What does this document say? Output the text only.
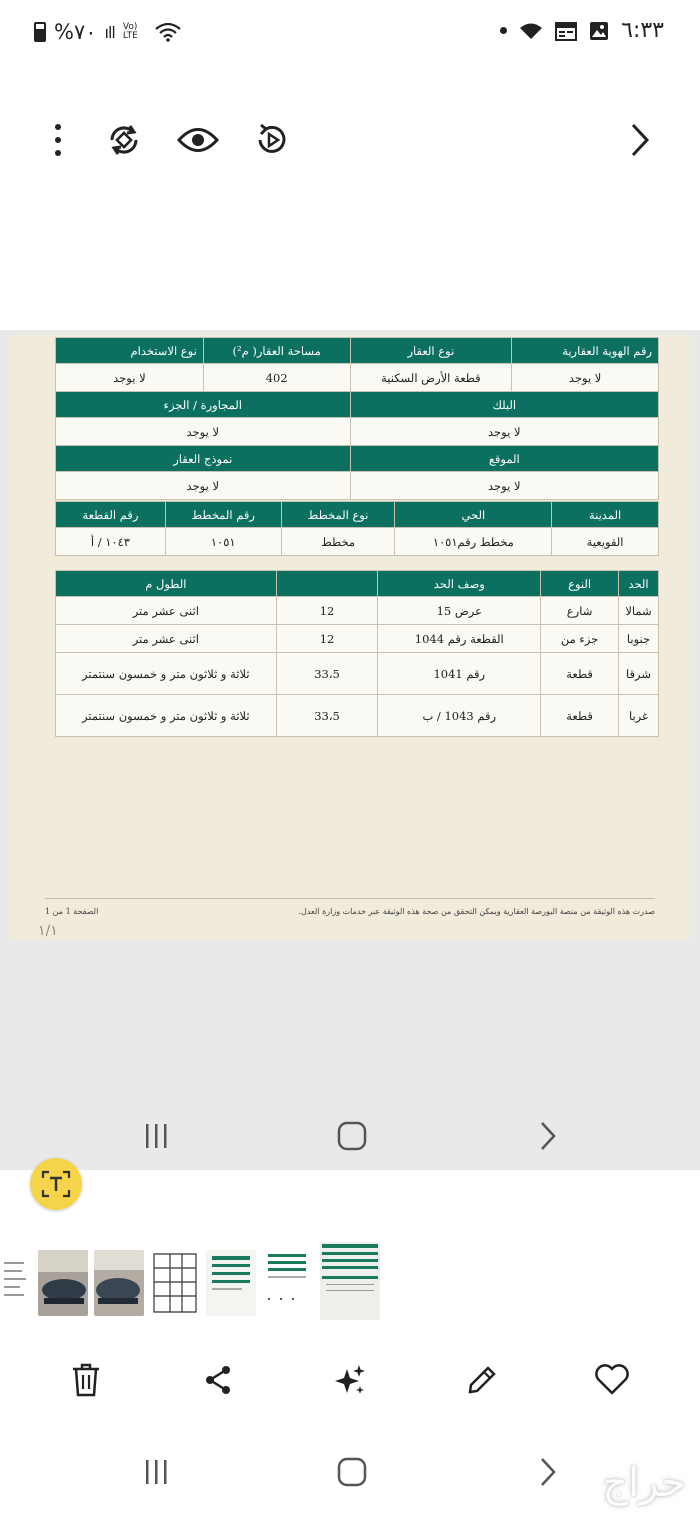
%٧٠ ıll Vo) LTE	٦:٣٣
رقم الهوية العقارية	نوع العقار	مساحة العقار( م²)	نوع الاستخدام
لا يوجد	قطعة الأرض السكنية	402	لا يوجد
البلك		المجاورة / الجزء	
لا يوجد		لا يوجد	
الموقع		نموذج العقار	
لا يوجد		لا يوجد	
المدينة	الحي	نوع المخطط	رقم المخطط	رقم القطعة
القويعية	مخطط رقم١٠٥١	مخطط	١٠٥١	١٠٤٣ / أ
الحد	النوع	وصف الحد		الطول م
شمالا	شارع	عرض 15	12	اثنى عشر متر
جنوبا	جزء من	القطعة رقم 1044	12	اثنى عشر متر
شرقا	قطعة	رقم 1041	33،5	ثلاثة و ثلاثون متر و خمسون سنتمتر
غربا	قطعة	رقم 1043 / ب	33،5	ثلاثة و ثلاثون متر و خمسون سنتمتر
الصفحة 1 من 1	صدرت هذه الوثيقة من منصة البورصة العقارية ويمكن التحقق من صحة هذه الوثيقة عبر خدمات وزارة العدل.
١/١
حراج
